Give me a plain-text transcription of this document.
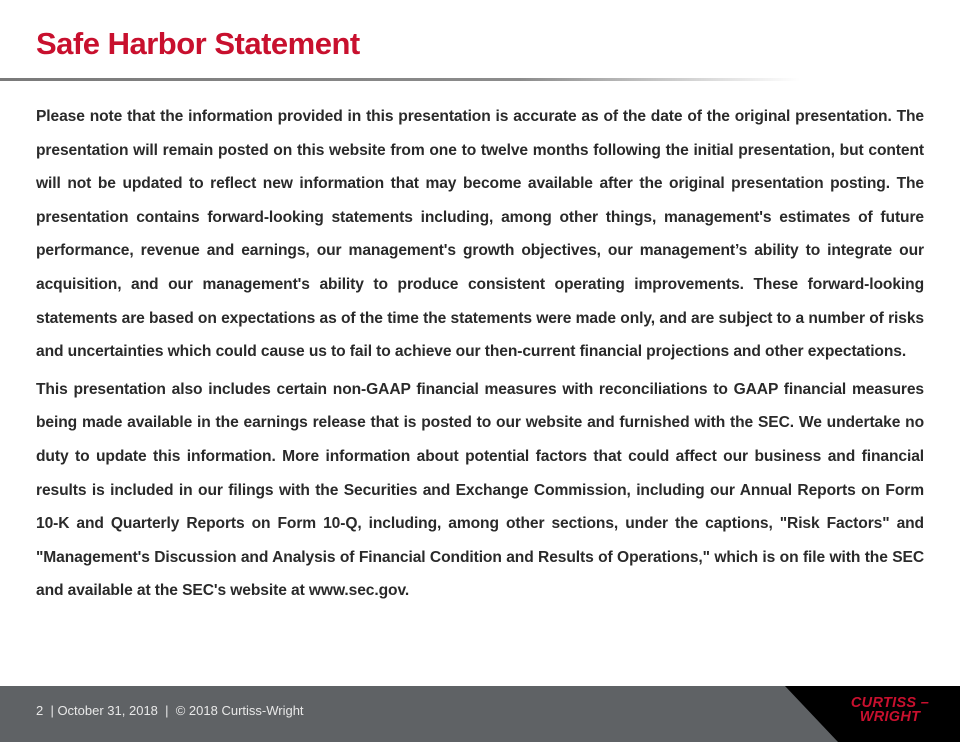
Safe Harbor Statement

Please note that the information provided in this presentation is accurate as of the date of the original presentation. The presentation will remain posted on this website from one to twelve months following the initial presentation, but content will not be updated to reflect new information that may become available after the original presentation posting. The presentation contains forward-looking statements including, among other things, management's estimates of future performance, revenue and earnings, our management's growth objectives, our management’s ability to integrate our acquisition, and our management's ability to produce consistent operating improvements. These forward-looking statements are based on expectations as of the time the statements were made only, and are subject to a number of risks and uncertainties which could cause us to fail to achieve our then-current financial projections and other expectations.

This presentation also includes certain non-GAAP financial measures with reconciliations to GAAP financial measures being made available in the earnings release that is posted to our website and furnished with the SEC. We undertake no duty to update this information. More information about potential factors that could affect our business and financial results is included in our filings with the Securities and Exchange Commission, including our Annual Reports on Form 10-K and Quarterly Reports on Form 10-Q, including, among other sections, under the captions, "Risk Factors" and "Management's Discussion and Analysis of Financial Condition and Results of Operations," which is on file with the SEC and available at the SEC's website at www.sec.gov.

2  | October 31, 2018  |  © 2018 Curtiss-Wright	CURTISS –
WRIGHT
